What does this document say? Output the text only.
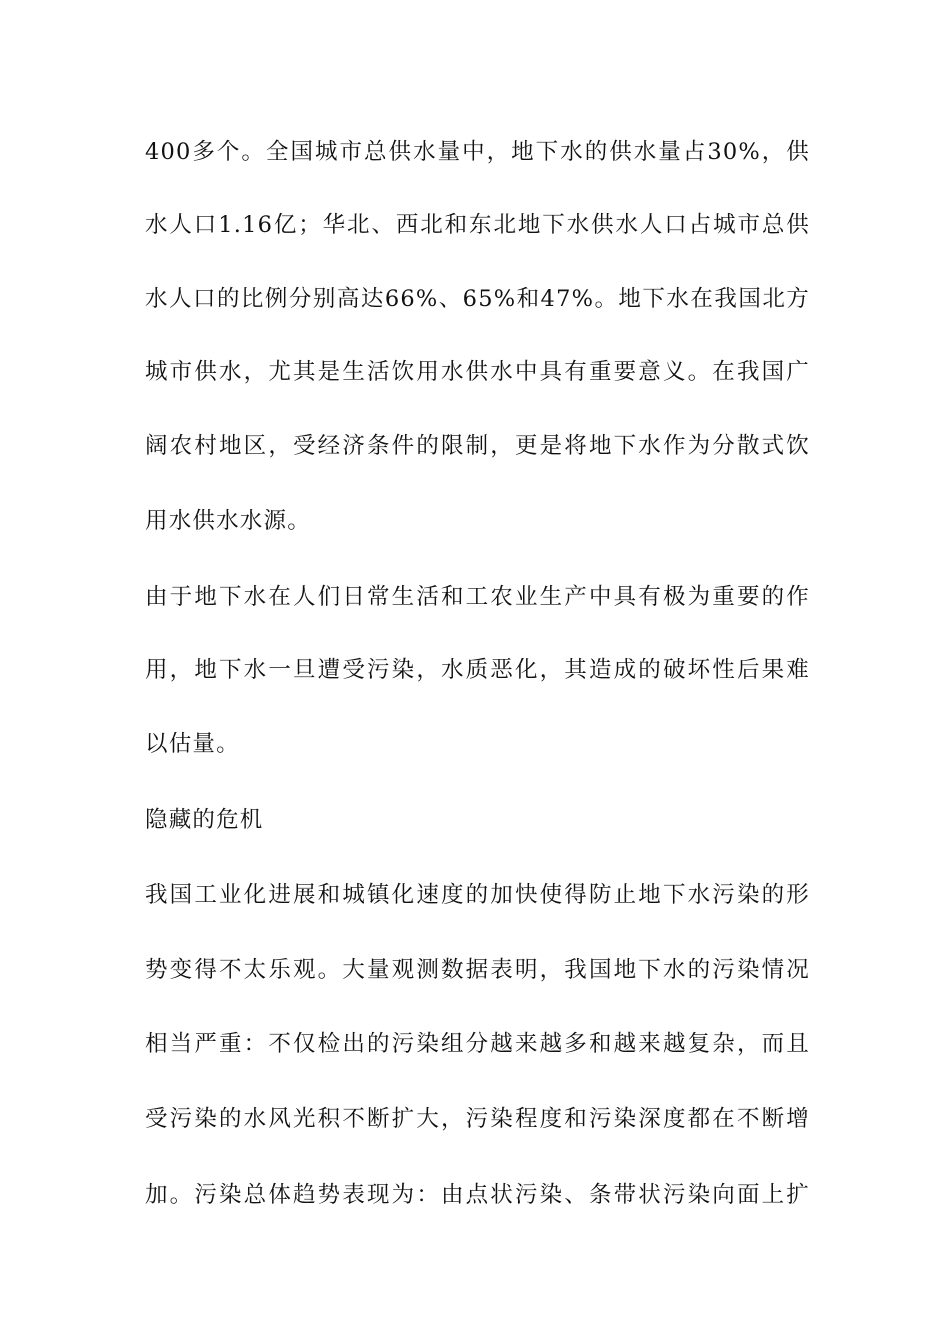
400多个。全国城市总供水量中，地下水的供水量占30%，供
水人口1.16亿；华北、西北和东北地下水供水人口占城市总供
水人口的比例分别高达66%、65%和47%。地下水在我国北方
城市供水，尤其是生活饮用水供水中具有重要意义。在我国广
阔农村地区，受经济条件的限制，更是将地下水作为分散式饮
用水供水水源。
由于地下水在人们日常生活和工农业生产中具有极为重要的作
用，地下水一旦遭受污染，水质恶化，其造成的破坏性后果难
以估量。
隐藏的危机
我国工业化进展和城镇化速度的加快使得防止地下水污染的形
势变得不太乐观。大量观测数据表明，我国地下水的污染情况
相当严重：不仅检出的污染组分越来越多和越来越复杂，而且
受污染的水风光积不断扩大，污染程度和污染深度都在不断增
加。污染总体趋势表现为：由点状污染、条带状污染向面上扩
